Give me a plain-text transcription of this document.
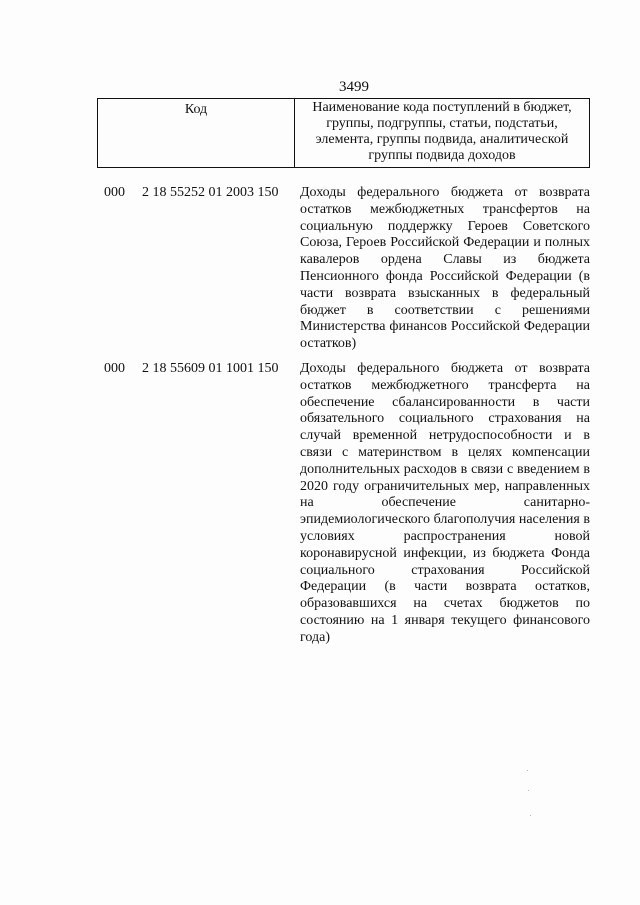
3499
Код	Наименование кода поступлений в бюджет, группы, подгруппы, статьи, подстатьи, элемента, группы подвида, аналитической группы подвида доходов
000	2 18 55252 01 2003 150	Доходы федерального бюджета от возврата остатков межбюджетных трансфертов на социальную поддержку Героев Советского Союза, Героев Российской Федерации и полных кавалеров ордена Славы из бюджета Пенсионного фонда Российской Федерации (в части возврата взысканных в федеральный бюджет в соответствии с решениями Министерства финансов Российской Федерации остатков)

000	2 18 55609 01 1001 150	Доходы федерального бюджета от возврата остатков межбюджетного трансферта на обеспечение сбалансированности в части обязательного социального страхования на случай временной нетрудоспособности и в связи с материнством в целях компенсации дополнительных расходов в связи с введением в 2020 году ограничительных мер, направленных на обеспечение санитарно-эпидемиологического благополучия населения в условиях распространения новой коронавирусной инфекции, из бюджета Фонда социального страхования Российской Федерации (в части возврата остатков, образовавшихся на счетах бюджетов по состоянию на 1 января текущего финансового года)
